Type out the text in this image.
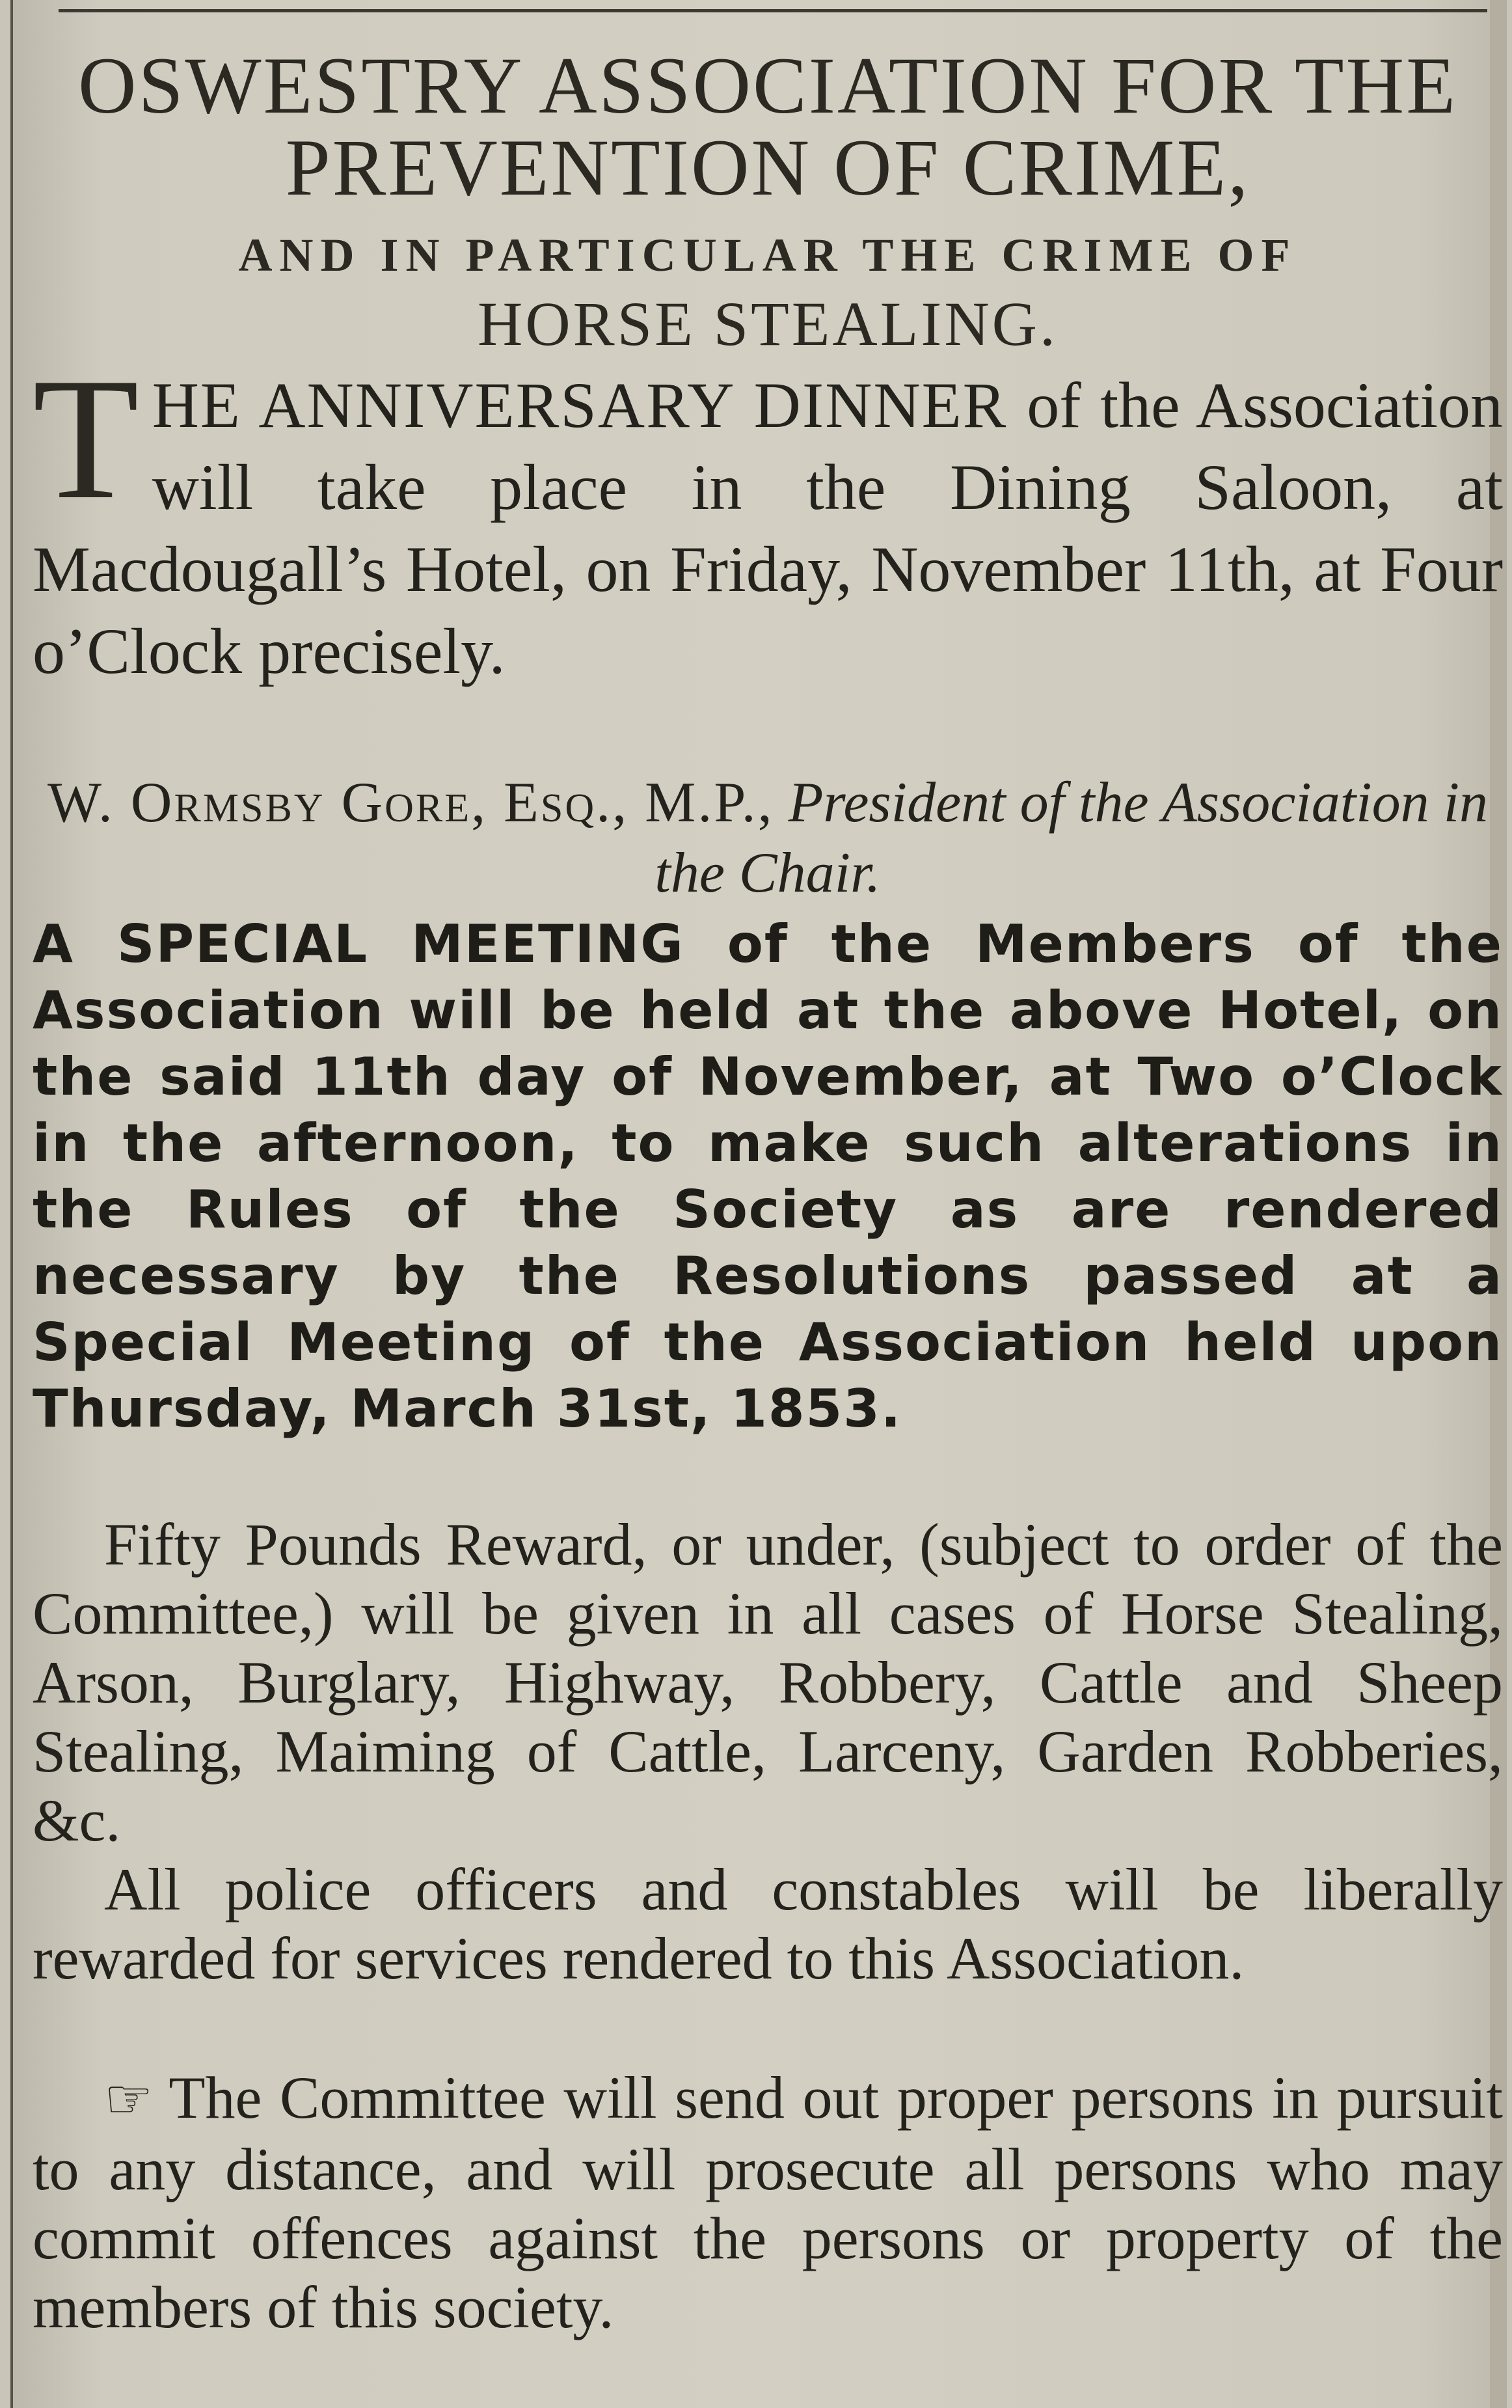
OSWESTRY ASSOCIATION FOR THE
PREVENTION OF CRIME,
AND IN PARTICULAR THE CRIME OF
HORSE STEALING.
THE ANNIVERSARY DINNER of the Association will take place in the Dining Saloon, at Macdougall’s Hotel, on Friday, November 11th, at Four o’Clock precisely.
W. Ormsby Gore, Esq., M.P., President of the Association in the Chair.
A SPECIAL MEETING of the Members of the Association will be held at the above Hotel, on the said 11th day of November, at Two o’Clock in the afternoon, to make such alterations in the Rules of the Society as are rendered necessary by the Resolutions passed at a Special Meeting of the Association held upon Thursday, March 31st, 1853.
Fifty Pounds Reward, or under, (subject to order of the Committee,) will be given in all cases of Horse Stealing, Arson, Burglary, Highway, Robbery, Cattle and Sheep Stealing, Maiming of Cattle, Larceny, Garden Robberies, &c.
All police officers and constables will be liberally rewarded for services rendered to this Association.
☞ The Committee will send out proper persons in pursuit to any distance, and will prosecute all persons who may commit offences against the persons or property of the members of this society.
